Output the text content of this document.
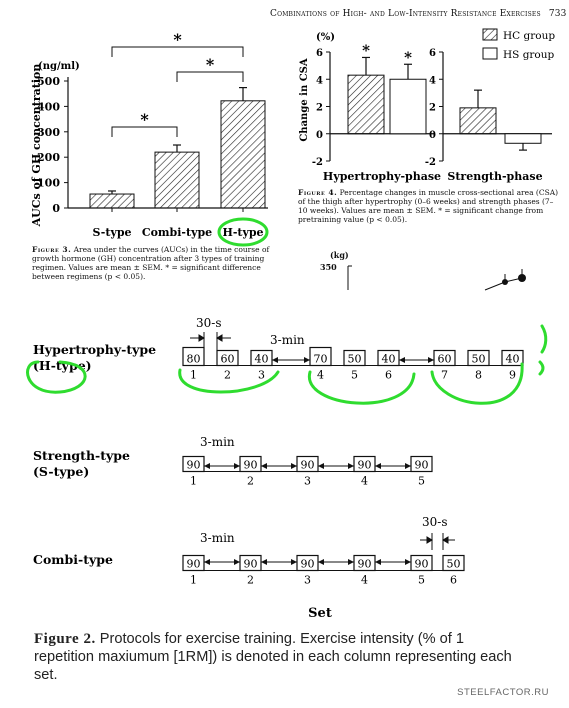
Combinations of High- and Low-Intensity Resistance Exercises 733
0
100
200
300
400
500
(ng/ml)
AUCs of GH concentration
S-type Combi-type H-type
*
*
*
Figure 3. Area under the curves (AUCs) in the time course of growth hormone (GH) concentration after 3 types of training regimen. Values are mean ± SEM. * = significant difference between regimens (p < 0.05).
-2	-2
0	0
2	2
4	4
6	6
(%)
Change in CSA
* *
Hypertrophy-phase Strength-phase
HC group
HS group
Figure 4. Percentage changes in muscle cross-sectional area (CSA) of the thigh after hypertrophy (0–6 weeks) and strength phases (7–10 weeks). Values are mean ± SEM. * = significant change from pretraining value (p < 0.05).
(kg)
350
Hypertrophy-type
(H-type)	80
1
60
2
40
3
70
4
50
5
40
6
60
7
50
8
40
9
3-min
30-s
Strength-type
(S-type)	90
1
90
2
90
3
90
4
90
5
3-min
Combi-type	90
1
90
2
90
3
90
4
90
5
50
6
3-min
30-s
Set
Figure 2. Protocols for exercise training. Exercise intensity (% of 1 repetition maxiumum [1RM]) is denoted in each column representing each set.
STEELFACTOR.RU
